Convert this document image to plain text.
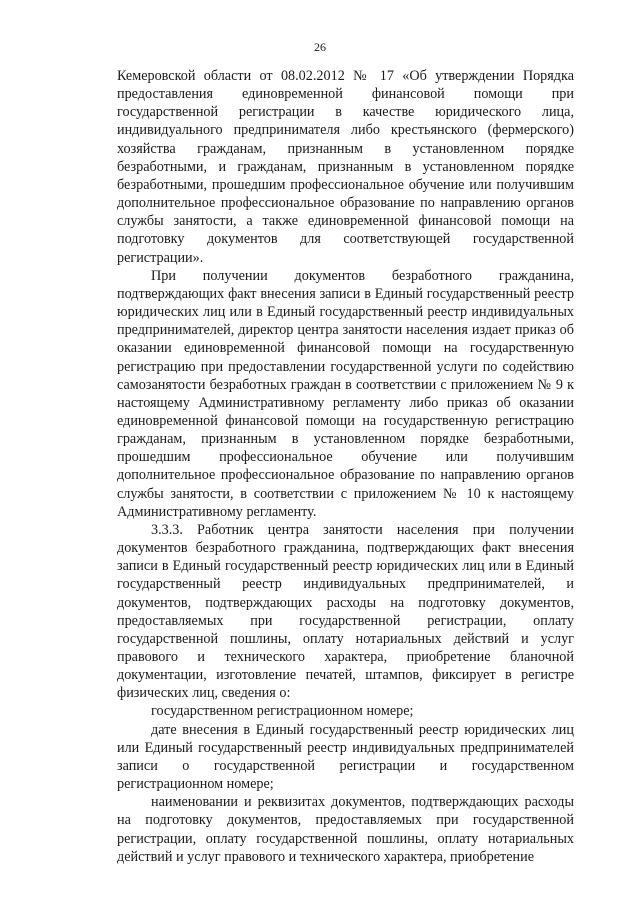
26

Кемеровской области от 08.02.2012 № 17 «Об утверждении Порядка предоставления единовременной финансовой помощи при государственной регистрации в качестве юридического лица, индивидуального предпринимателя либо крестьянского (фермерского) хозяйства гражданам, признанным в установленном порядке безработными, и гражданам, признанным в установленном порядке безработными, прошедшим профессиональное обучение или получившим дополнительное профессиональное образование по направлению органов службы занятости, а также единовременной финансовой помощи на подготовку документов для соответствующей государственной регистрации».

При получении документов безработного гражданина, подтверждающих факт внесения записи в Единый государственный реестр юридических лиц или в Единый государственный реестр индивидуальных предпринимателей, директор центра занятости населения издает приказ об оказании единовременной финансовой помощи на государственную регистрацию при предоставлении государственной услуги по содействию самозанятости безработных граждан в соответствии с приложением № 9 к настоящему Административному регламенту либо приказ об оказании единовременной финансовой помощи на государственную регистрацию гражданам, признанным в установленном порядке безработными, прошедшим профессиональное обучение или получившим дополнительное профессиональное образование по направлению органов службы занятости, в соответствии с приложением № 10 к настоящему Административному регламенту.

3.3.3. Работник центра занятости населения при получении документов безработного гражданина, подтверждающих факт внесения записи в Единый государственный реестр юридических лиц или в Единый государственный реестр индивидуальных предпринимателей, и документов, подтверждающих расходы на подготовку документов, предоставляемых при государственной регистрации, оплату государственной пошлины, оплату нотариальных действий и услуг правового и технического характера, приобретение бланочной документации, изготовление печатей, штампов, фиксирует в регистре физических лиц, сведения о:

государственном регистрационном номере;

дате внесения в Единый государственный реестр юридических лиц или Единый государственный реестр индивидуальных предпринимателей записи о государственной регистрации и государственном регистрационном номере;

наименовании и реквизитах документов, подтверждающих расходы на подготовку документов, предоставляемых при государственной регистрации, оплату государственной пошлины, оплату нотариальных действий и услуг правового и технического характера, приобретение
